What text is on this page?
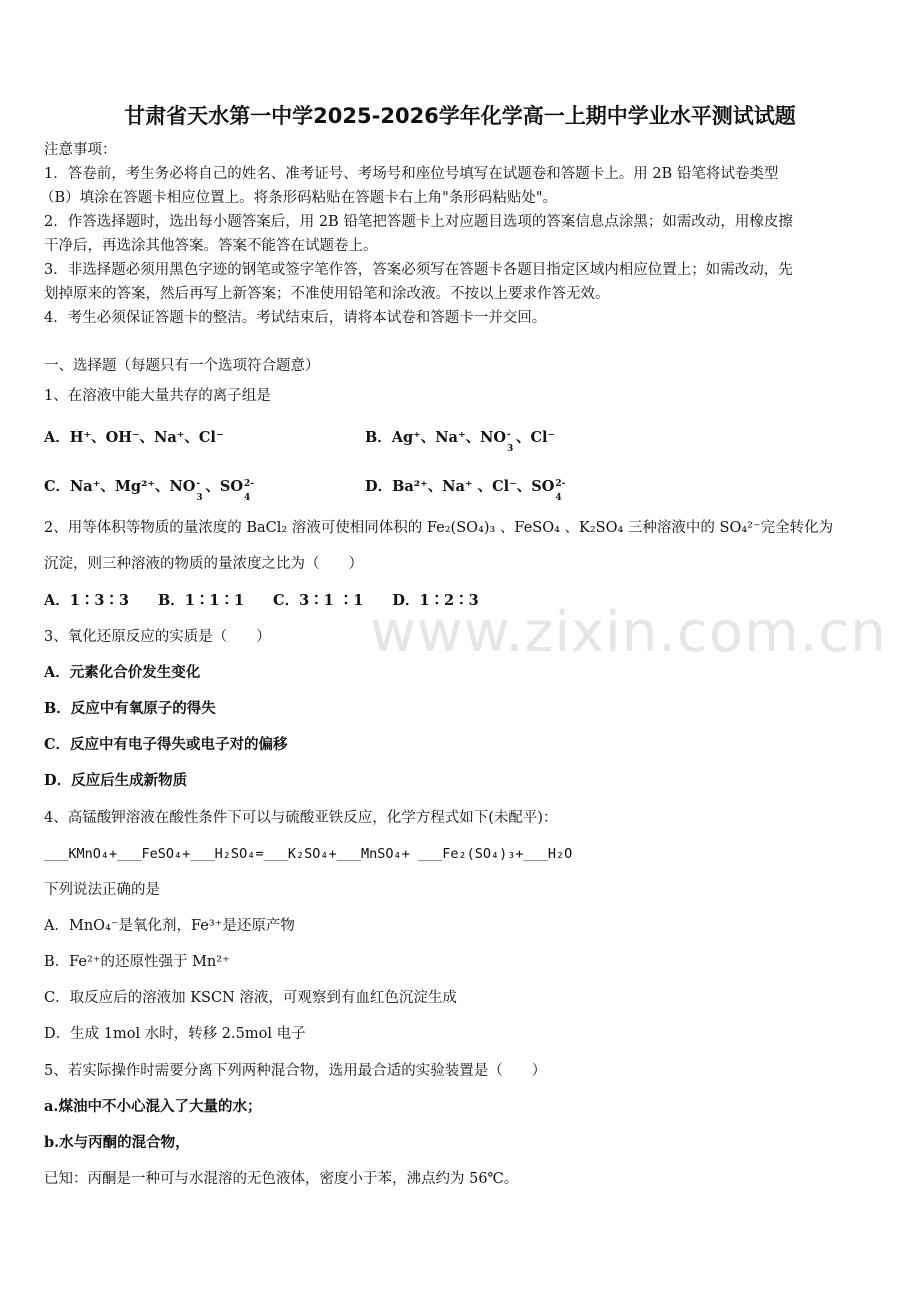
www.zixin.com.cn
甘肃省天水第一中学2025-2026学年化学高一上期中学业水平测试试题
注意事项：
1．答卷前，考生务必将自己的姓名、准考证号、考场号和座位号填写在试题卷和答题卡上。用 2B 铅笔将试卷类型
（B）填涂在答题卡相应位置上。将条形码粘贴在答题卡右上角"条形码粘贴处"。
2．作答选择题时，选出每小题答案后，用 2B 铅笔把答题卡上对应题目选项的答案信息点涂黑；如需改动，用橡皮擦
干净后，再选涂其他答案。答案不能答在试题卷上。
3．非选择题必须用黑色字迹的钢笔或签字笔作答，答案必须写在答题卡各题目指定区域内相应位置上；如需改动，先
划掉原来的答案，然后再写上新答案；不准使用铅笔和涂改液。不按以上要求作答无效。
4．考生必须保证答题卡的整洁。考试结束后，请将本试卷和答题卡一并交回。
一、选择题（每题只有一个选项符合题意）
1、在溶液中能大量共存的离子组是
A．H⁺、OH⁻、Na⁺、Cl⁻	B．Ag⁺、Na⁺、NO -
3
、Cl⁻
C．Na⁺、Mg²⁺、NO -
3
、SO 2-
4
D．Ba²⁺、Na⁺ 、Cl⁻、SO 2-
4
2、用等体积等物质的量浓度的 BaCl₂ 溶液可使相同体积的 Fe₂(SO₄)₃ 、FeSO₄ 、K₂SO₄ 三种溶液中的 SO₄²⁻完全转化为
沉淀，则三种溶液的物质的量浓度之比为（　　）
A．1∶3∶3　　B．1∶1∶1　　C．3∶1 ∶1　　D．1∶2∶3
3、氧化还原反应的实质是（　　）
A．元素化合价发生变化
B．反应中有氧原子的得失
C．反应中有电子得失或电子对的偏移
D．反应后生成新物质
4、高锰酸钾溶液在酸性条件下可以与硫酸亚铁反应，化学方程式如下(未配平)：
___KMnO₄+___FeSO₄+___H₂SO₄=___K₂SO₄+___MnSO₄+ ___Fe₂(SO₄)₃+___H₂O
下列说法正确的是
A．MnO₄⁻是氧化剂，Fe³⁺是还原产物
B．Fe²⁺的还原性强于 Mn²⁺
C．取反应后的溶液加 KSCN 溶液，可观察到有血红色沉淀生成
D．生成 1mol 水时，转移 2.5mol 电子
5、若实际操作时需要分离下列两种混合物，选用最合适的实验装置是（　　）
a.煤油中不小心混入了大量的水；
b.水与丙酮的混合物，
已知：丙酮是一种可与水混溶的无色液体，密度小于苯，沸点约为 56℃。
